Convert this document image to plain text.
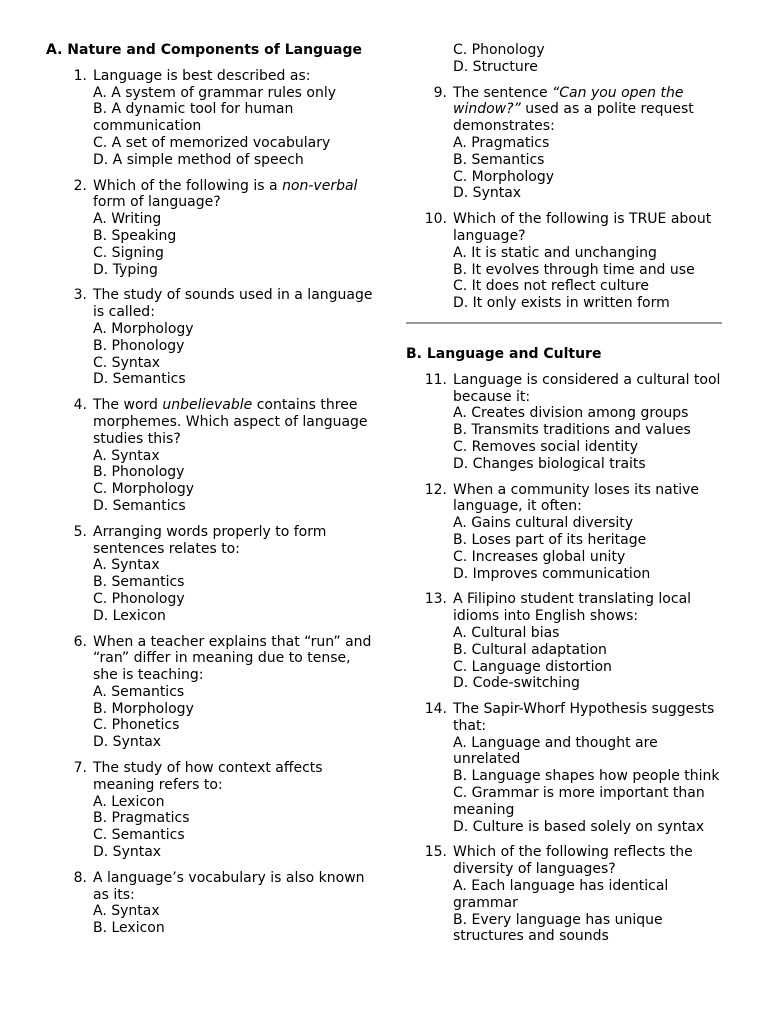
A. Nature and Components of Language
1. Language is best described as:
A. A system of grammar rules only
B. A dynamic tool for human communication
C. A set of memorized vocabulary
D. A simple method of speech
2. Which of the following is a non-verbal form of language?
A. Writing
B. Speaking
C. Signing
D. Typing
3. The study of sounds used in a language is called:
A. Morphology
B. Phonology
C. Syntax
D. Semantics
4. The word unbelievable contains three morphemes. Which aspect of language studies this?
A. Syntax
B. Phonology
C. Morphology
D. Semantics
5. Arranging words properly to form sentences relates to:
A. Syntax
B. Semantics
C. Phonology
D. Lexicon
6. When a teacher explains that “run” and “ran” differ in meaning due to tense, she is teaching:
A. Semantics
B. Morphology
C. Phonetics
D. Syntax
7. The study of how context affects meaning refers to:
A. Lexicon
B. Pragmatics
C. Semantics
D. Syntax
8. A language’s vocabulary is also known as its:
A. Syntax
B. Lexicon
C. Phonology
D. Structure
9. The sentence “Can you open the window?” used as a polite request demonstrates:
A. Pragmatics
B. Semantics
C. Morphology
D. Syntax
10. Which of the following is TRUE about language?
A. It is static and unchanging
B. It evolves through time and use
C. It does not reflect culture
D. It only exists in written form
B. Language and Culture
11. Language is considered a cultural tool because it:
A. Creates division among groups
B. Transmits traditions and values
C. Removes social identity
D. Changes biological traits
12. When a community loses its native language, it often:
A. Gains cultural diversity
B. Loses part of its heritage
C. Increases global unity
D. Improves communication
13. A Filipino student translating local idioms into English shows:
A. Cultural bias
B. Cultural adaptation
C. Language distortion
D. Code-switching
14. The Sapir-Whorf Hypothesis suggests that:
A. Language and thought are unrelated
B. Language shapes how people think
C. Grammar is more important than meaning
D. Culture is based solely on syntax
15. Which of the following reflects the diversity of languages?
A. Each language has identical grammar
B. Every language has unique structures and sounds
